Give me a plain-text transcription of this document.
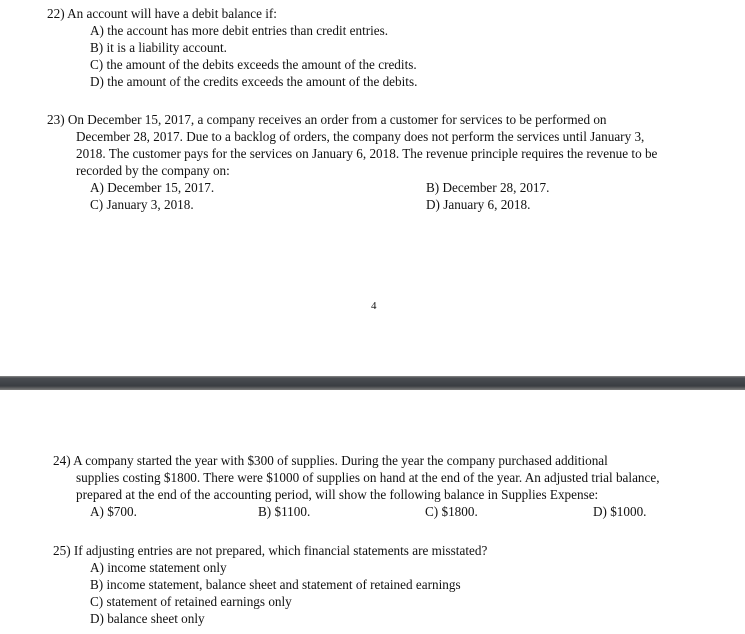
22) An account will have a debit balance if:
A) the account has more debit entries than credit entries.
B) it is a liability account.
C) the amount of the debits exceeds the amount of the credits.
D) the amount of the credits exceeds the amount of the debits.
23) On December 15, 2017, a company receives an order from a customer for services to be performed on
December 28, 2017. Due to a backlog of orders, the company does not perform the services until January 3,
2018. The customer pays for the services on January 6, 2018. The revenue principle requires the revenue to be
recorded by the company on:
A) December 15, 2017.	B) December 28, 2017.
C) January 3, 2018.	D) January 6, 2018.
4
24) A company started the year with $300 of supplies. During the year the company purchased additional
supplies costing $1800. There were $1000 of supplies on hand at the end of the year. An adjusted trial balance,
prepared at the end of the accounting period, will show the following balance in Supplies Expense:
A) $700.	B) $1100.	C) $1800.	D) $1000.
25) If adjusting entries are not prepared, which financial statements are misstated?
A) income statement only
B) income statement, balance sheet and statement of retained earnings
C) statement of retained earnings only
D) balance sheet only
